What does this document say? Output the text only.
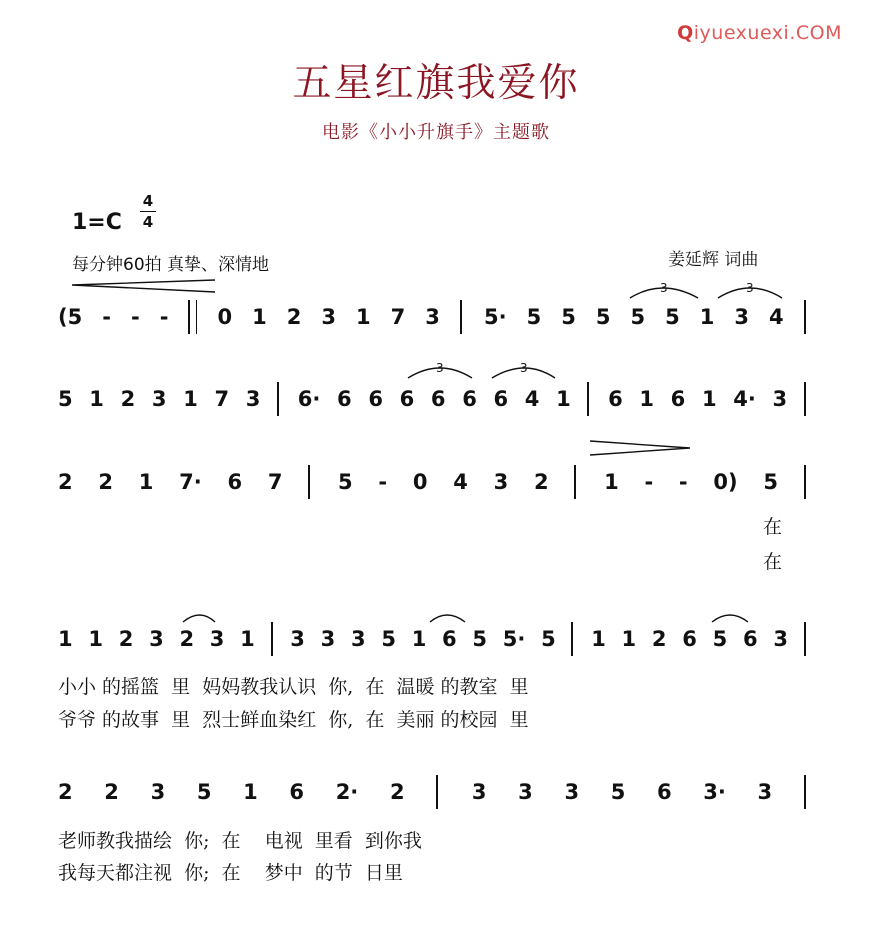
Qiyuexuexi.COM
五星红旗我爱你
电影《小小升旗手》主题歌
1=C
4
4
每分钟60拍 真挚、深情地	姜延辉 词曲
(5 - - - 0 1 2 3 1 7 3 5· 5 5 5 5 5 1 3 4
5 1 2 3 1 7 3 6· 6 6 6 6 6 6 4 1 6 1 6 1 4· 3
2 2 1 7· 6 7	5 - 0 4 3 2	1 - - 0) 5
1 1 2 3 2 3 1 3 3 3 5 1 6 5 5· 5 1 1 2 6 5 6 3
2 2 3 5 1 6 2· 2	3 3 3 5 6 3· 3
在
在
小小 的摇篮  里  妈妈教我认识  你,  在  温暖 的教室  里
爷爷 的故事  里  烈士鲜血染红  你,  在  美丽 的校园  里
老师教我描绘  你;  在    电视  里看  到你我
我每天都注视  你;  在    梦中  的节  日里
3	3
3	3
